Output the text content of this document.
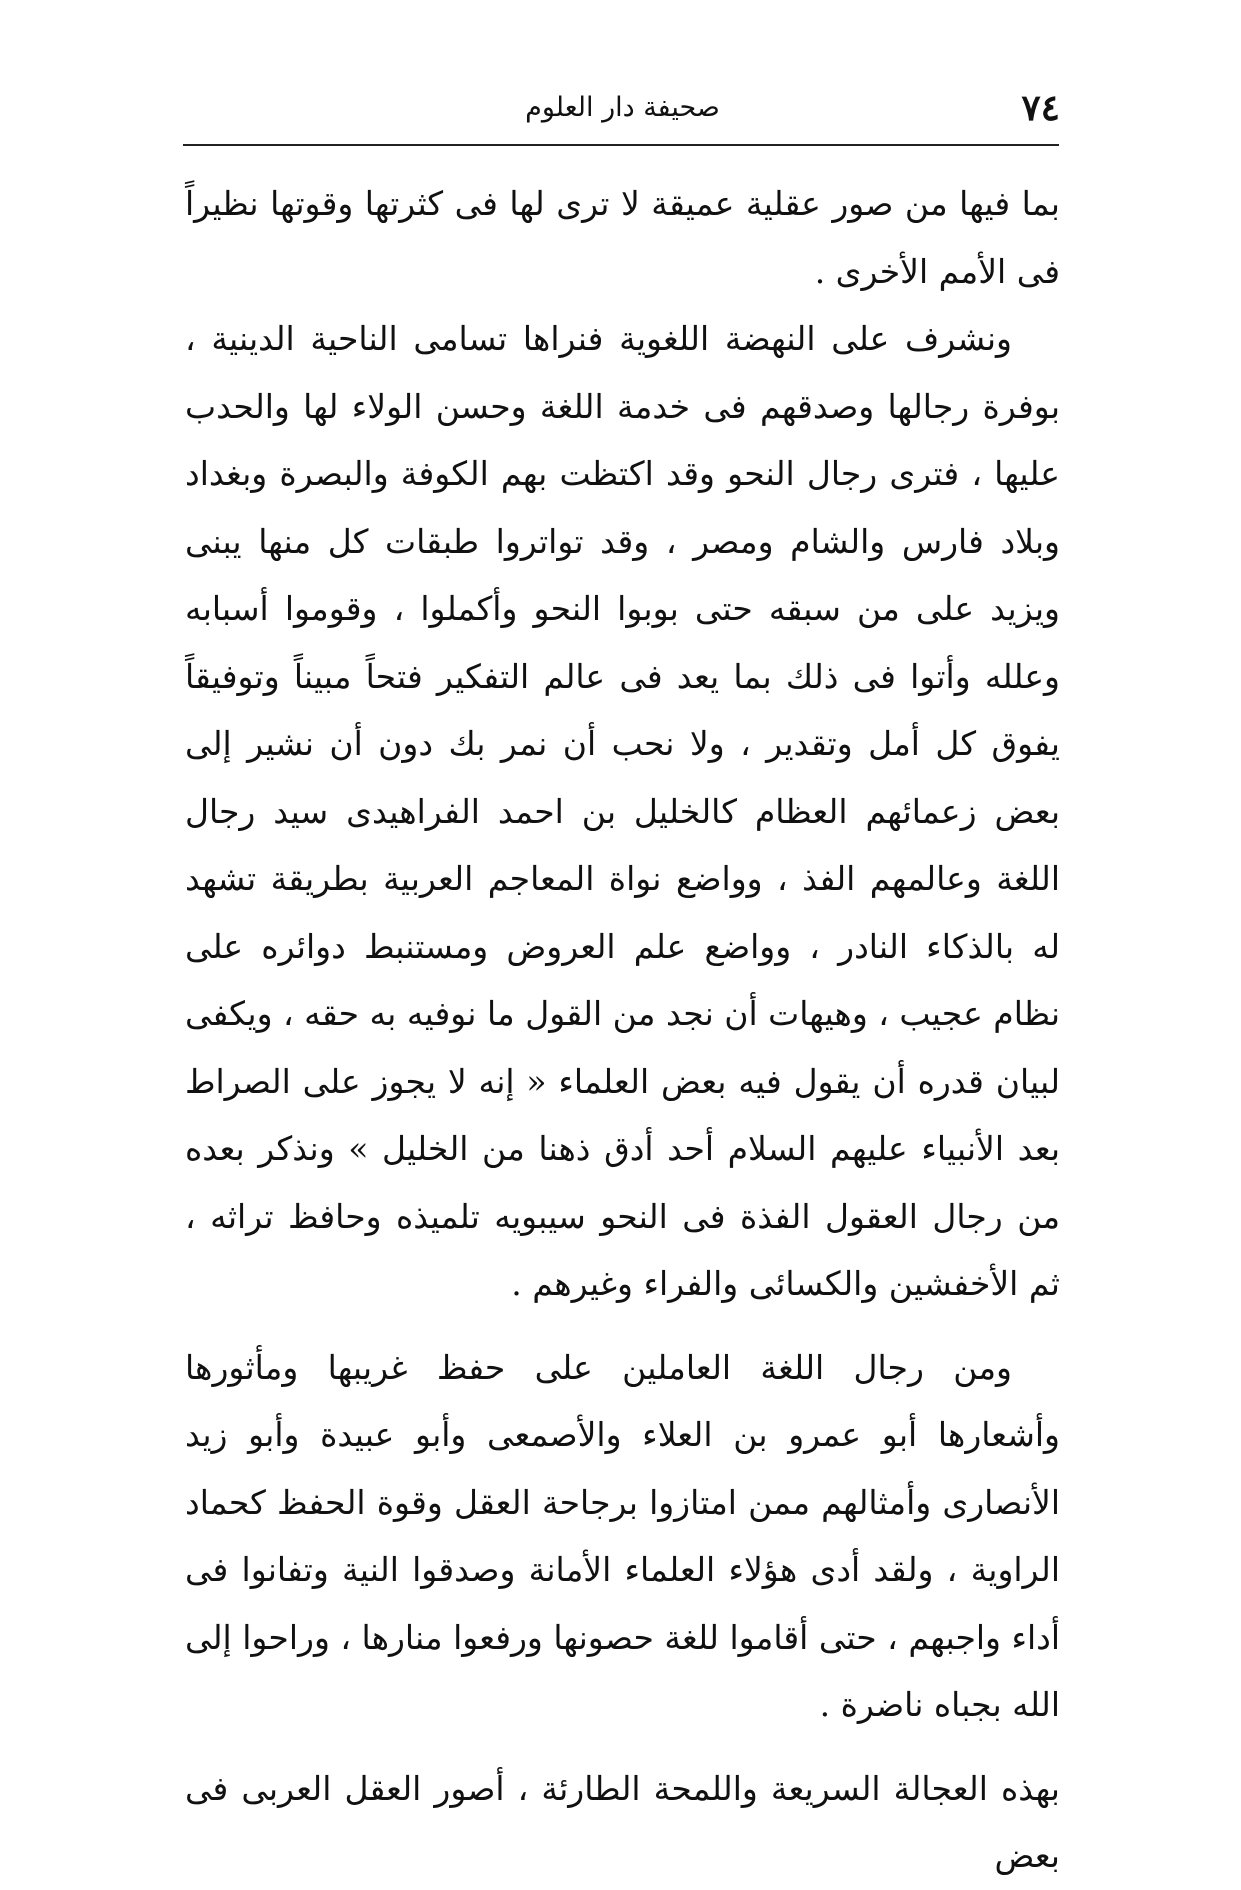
٧٤
صحيفة دار العلوم

بما فيها من صور عقلية عميقة لا ترى لها فى كثرتها وقوتها نظيراً فى الأمم الأخرى .

ونشرف على النهضة اللغوية فنراها تسامى الناحية الدينية ، بوفرة رجالها وصدقهم فى خدمة اللغة وحسن الولاء لها والحدب عليها ، فترى رجال النحو وقد اكتظت بهم الكوفة والبصرة وبغداد وبلاد فارس والشام ومصر ، وقد تواتروا طبقات كل منها يبنى ويزيد على من سبقه حتى بوبوا النحو وأكملوا ، وقوموا أسبابه وعلله وأتوا فى ذلك بما يعد فى عالم التفكير فتحاً مبيناً وتوفيقاً يفوق كل أمل وتقدير ، ولا نحب أن نمر بك دون أن نشير إلى بعض زعمائهم العظام كالخليل بن احمد الفراهيدى سيد رجال اللغة وعالمهم الفذ ، وواضع نواة المعاجم العربية بطريقة تشهد له بالذكاء النادر ، وواضع علم العروض ومستنبط دوائره على نظام عجيب ، وهيهات أن نجد من القول ما نوفيه به حقه ، ويكفى لبيان قدره أن يقول فيه بعض العلماء « إنه لا يجوز على الصراط بعد الأنبياء عليهم السلام أحد أدق ذهنا من الخليل » ونذكر بعده من رجال العقول الفذة فى النحو سيبويه تلميذه وحافظ تراثه ، ثم الأخفشين والكسائى والفراء وغيرهم .

ومن رجال اللغة العاملين على حفظ غريبها ومأثورها وأشعارها أبو عمرو بن العلاء والأصمعى وأبو عبيدة وأبو زيد الأنصارى وأمثالهم ممن امتازوا برجاحة العقل وقوة الحفظ كحماد الراوية ، ولقد أدى هؤلاء العلماء الأمانة وصدقوا النية وتفانوا فى أداء واجبهم ، حتى أقاموا للغة حصونها ورفعوا منارها ، وراحوا إلى الله بجباه ناضرة .

بهذه العجالة السريعة واللمحة الطارئة ، أصور العقل العربى فى بعض
